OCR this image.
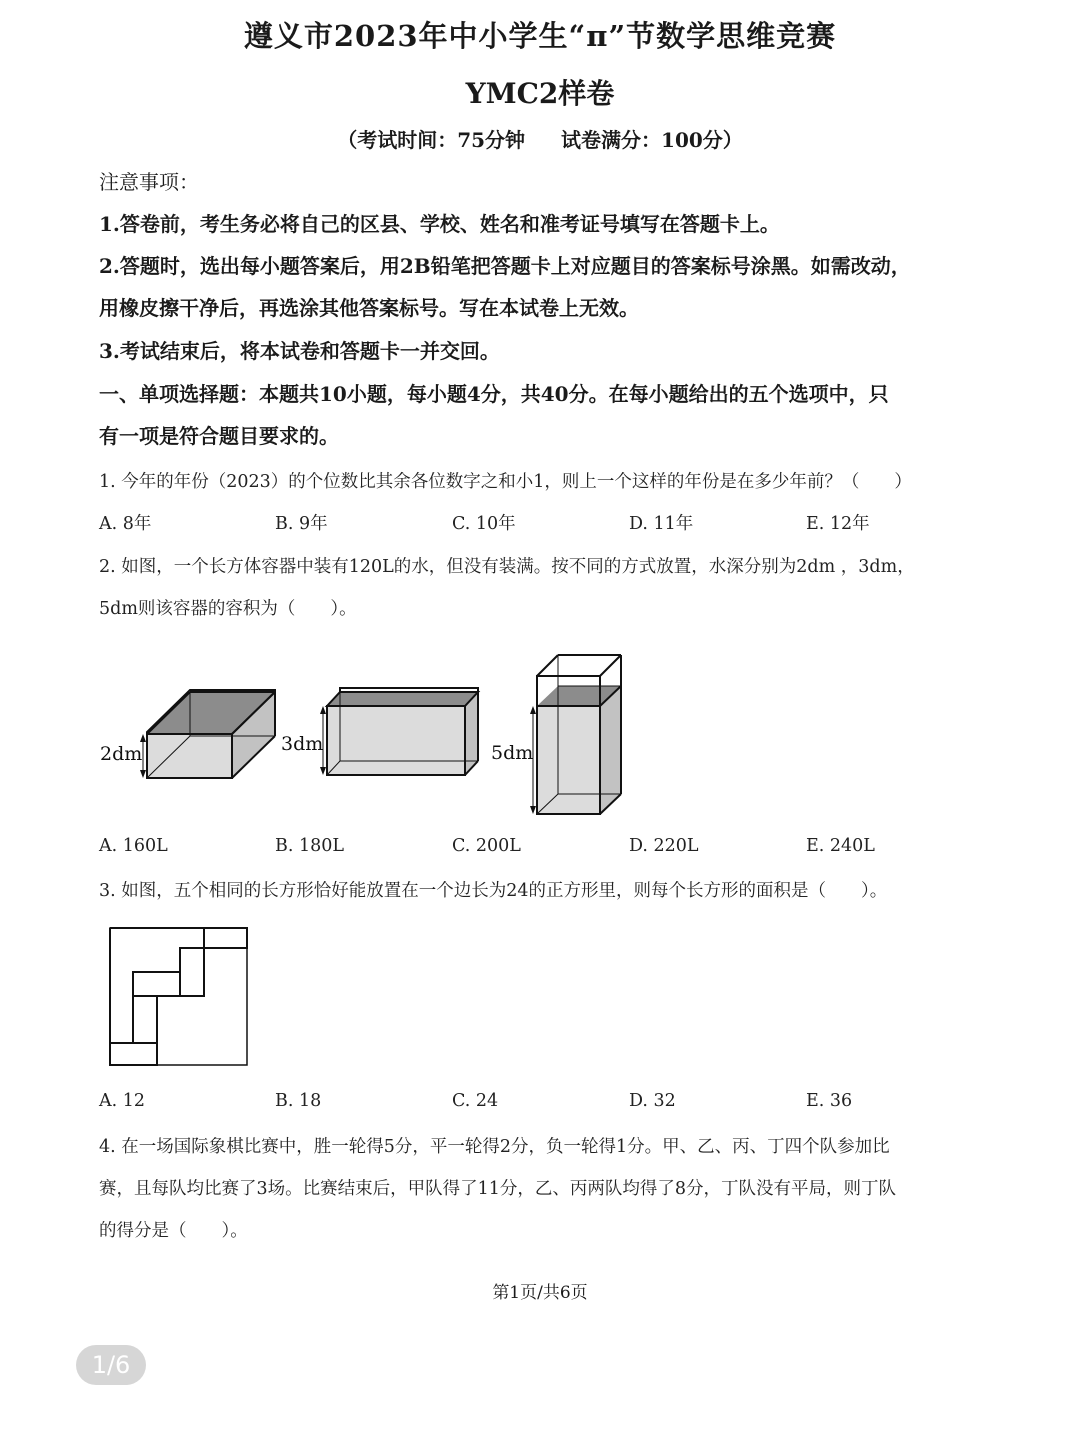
遵义市2023年中小学生“π”节数学思维竞赛
YMC2样卷
（考试时间：75分钟 试卷满分：100分）
注意事项：
1.答卷前，考生务必将自己的区县、学校、姓名和准考证号填写在答题卡上。
2.答题时，选出每小题答案后，用2B铅笔把答题卡上对应题目的答案标号涂黑。如需改动，
用橡皮擦干净后，再选涂其他答案标号。写在本试卷上无效。
3.考试结束后，将本试卷和答题卡一并交回。
一、单项选择题：本题共10小题，每小题4分，共40分。在每小题给出的五个选项中，只
有一项是符合题目要求的。
1. 今年的年份（2023）的个位数比其余各位数字之和小1，则上一个这样的年份是在多少年前？（　　）
A. 8年	B. 9年	C. 10年	D. 11年	E. 12年
2. 如图，一个长方体容器中装有120L的水，但没有装满。按不同的方式放置，水深分别为2dm ，3dm，
5dm则该容器的容积为（　　）。
2dm	3dm	5dm
A. 160L	B. 180L	C. 200L	D. 220L	E. 240L
3. 如图，五个相同的长方形恰好能放置在一个边长为24的正方形里，则每个长方形的面积是（　　）。
A. 12	B. 18	C. 24	D. 32	E. 36
4. 在一场国际象棋比赛中，胜一轮得5分，平一轮得2分，负一轮得1分。甲、乙、丙、丁四个队参加比
赛，且每队均比赛了3场。比赛结束后，甲队得了11分，乙、丙两队均得了8分，丁队没有平局，则丁队
的得分是（　　）。
第1页/共6页
1/6
